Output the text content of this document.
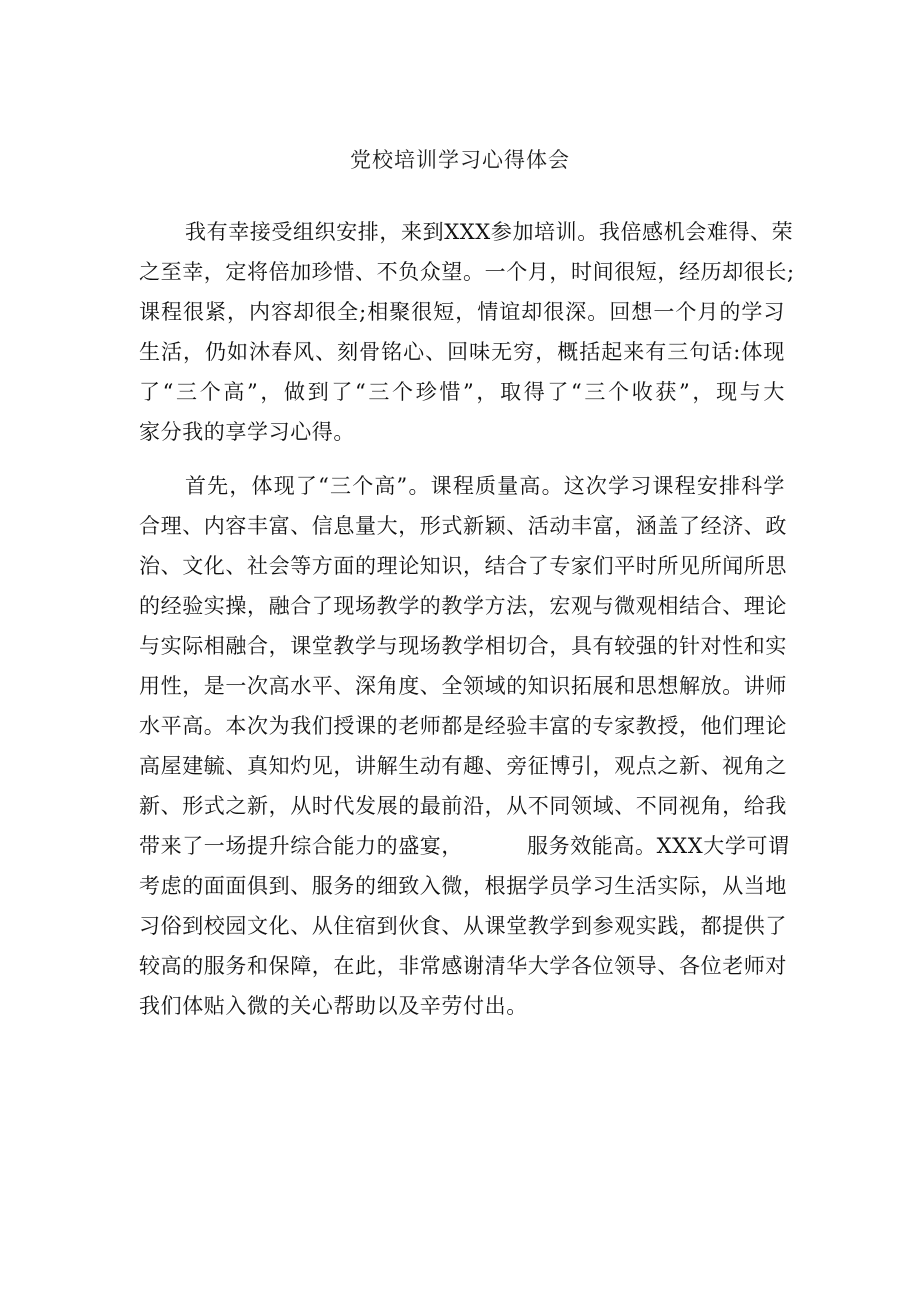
党校培训学习心得体会
我有幸接受组织安排，来到XXX参加培训。我倍感机会难得、荣
之至幸，定将倍加珍惜、不负众望。一个月，时间很短，经历却很长;
课程很紧，内容却很全;相聚很短，情谊却很深。回想一个月的学习
生活，仍如沐春风、刻骨铭心、回味无穷，概括起来有三句话:体现
了“三个高”，做到了“三个珍惜”，取得了“三个收获”，现与大
家分我的享学习心得。
首先，体现了“三个高”。课程质量高。这次学习课程安排科学
合理、内容丰富、信息量大，形式新颖、活动丰富，涵盖了经济、政
治、文化、社会等方面的理论知识，结合了专家们平时所见所闻所思
的经验实操，融合了现场教学的教学方法，宏观与微观相结合、理论
与实际相融合，课堂教学与现场教学相切合，具有较强的针对性和实
用性，是一次高水平、深角度、全领域的知识拓展和思想解放。讲师
水平高。本次为我们授课的老师都是经验丰富的专家教授，他们理论
高屋建毓、真知灼见，讲解生动有趣、旁征博引，观点之新、视角之
新、形式之新，从时代发展的最前沿，从不同领域、不同视角，给我
带来了一场提升综合能力的盛宴，	服务效能高。XXX大学可谓
考虑的面面俱到、服务的细致入微，根据学员学习生活实际，从当地
习俗到校园文化、从住宿到伙食、从课堂教学到参观实践，都提供了
较高的服务和保障，在此，非常感谢清华大学各位领导、各位老师对
我们体贴入微的关心帮助以及辛劳付出。
